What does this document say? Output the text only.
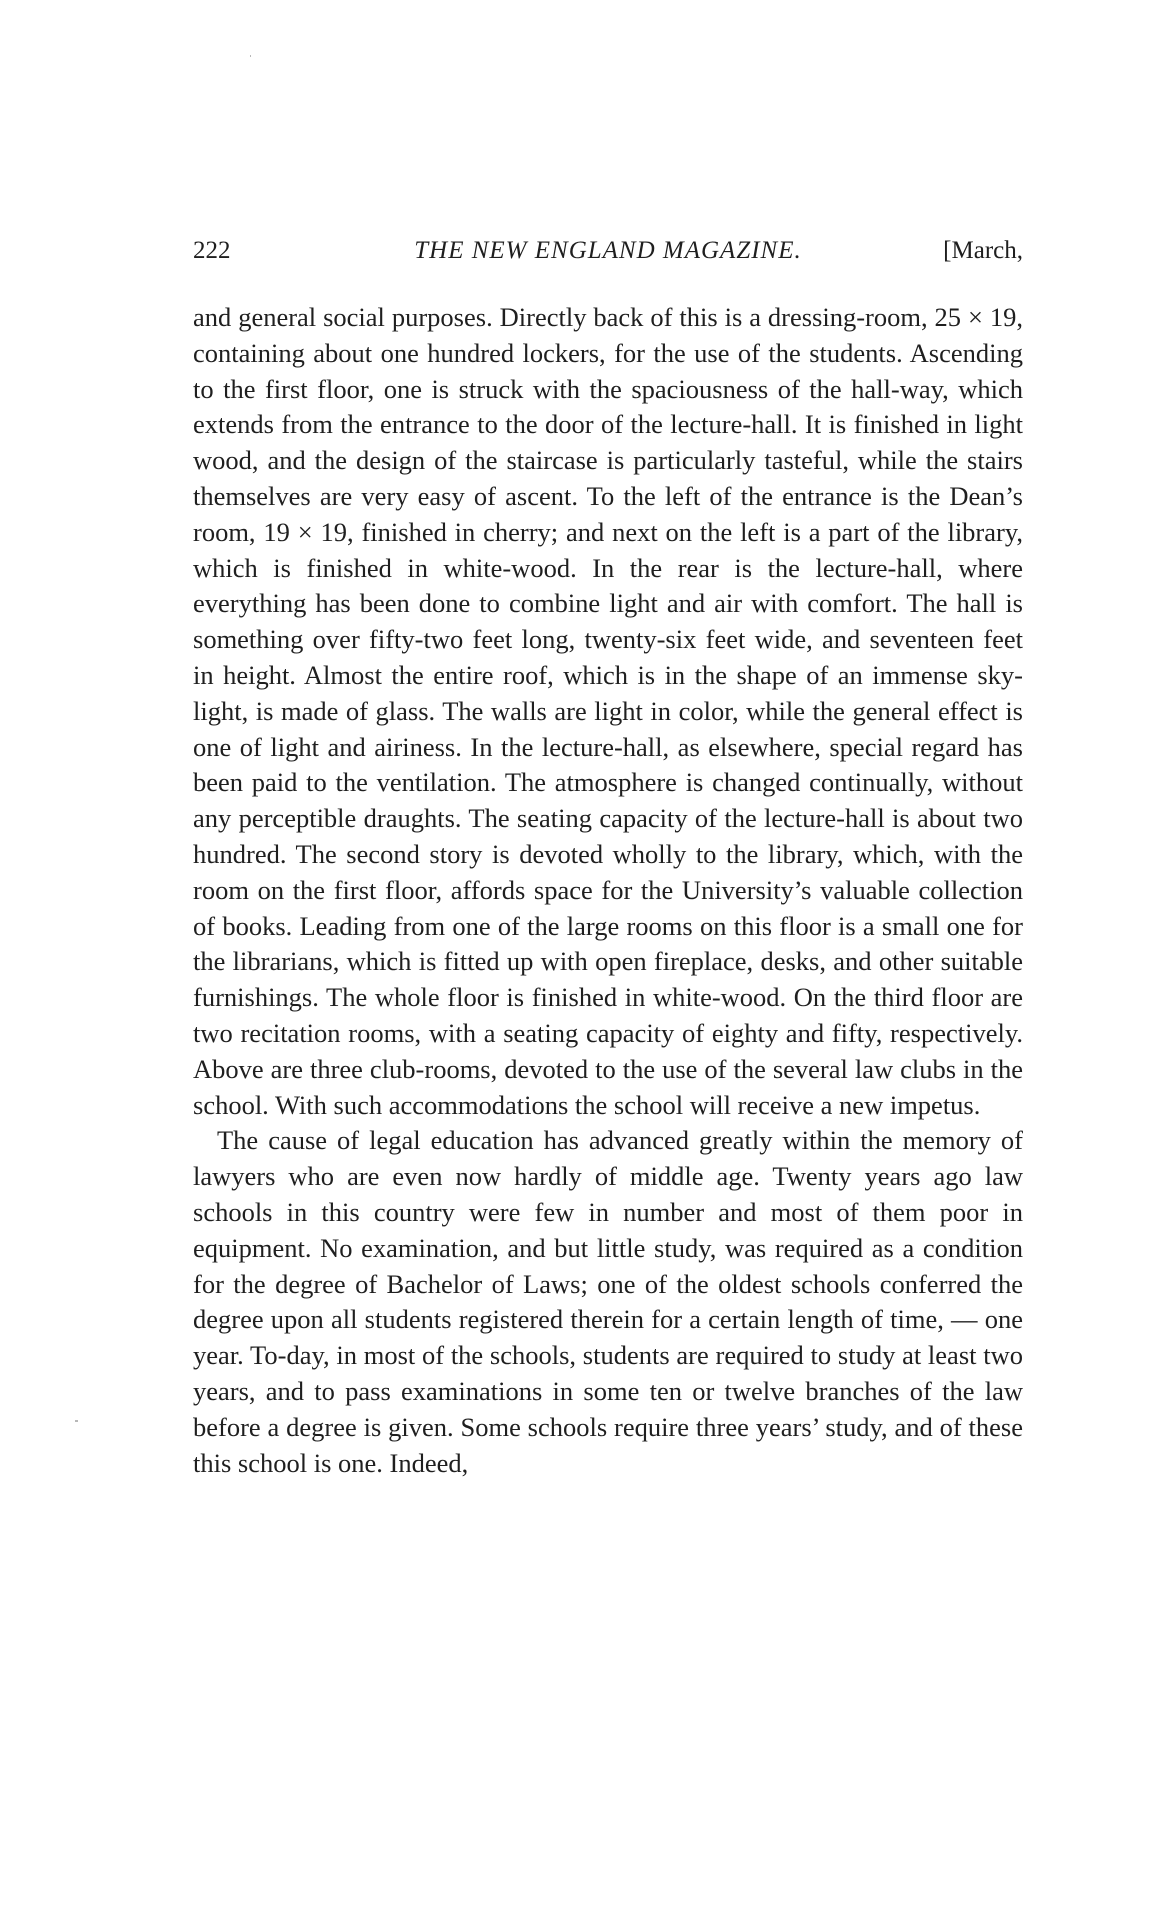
222	THE NEW ENGLAND MAGAZINE.	[March,

and general social purposes. Directly back of this is a dressing-room, 25 × 19, containing about one hundred lockers, for the use of the students. Ascending to the first floor, one is struck with the spaciousness of the hall-way, which extends from the entrance to the door of the lecture-hall. It is finished in light wood, and the design of the staircase is particularly tasteful, while the stairs themselves are very easy of ascent. To the left of the entrance is the Dean’s room, 19 × 19, finished in cherry; and next on the left is a part of the library, which is finished in white-wood. In the rear is the lecture-hall, where everything has been done to combine light and air with comfort. The hall is something over fifty-two feet long, twenty-six feet wide, and seventeen feet in height. Almost the entire roof, which is in the shape of an immense sky-light, is made of glass. The walls are light in color, while the general effect is one of light and airiness. In the lecture-hall, as elsewhere, special regard has been paid to the ventilation. The atmosphere is changed continually, without any perceptible draughts. The seating capacity of the lecture-hall is about two hundred. The second story is devoted wholly to the library, which, with the room on the first floor, affords space for the University’s valuable collection of books. Leading from one of the large rooms on this floor is a small one for the librarians, which is fitted up with open fireplace, desks, and other suitable furnishings. The whole floor is finished in white-wood. On the third floor are two recitation rooms, with a seating capacity of eighty and fifty, respectively. Above are three club-rooms, devoted to the use of the several law clubs in the school. With such accommodations the school will receive a new impetus.

The cause of legal education has advanced greatly within the memory of lawyers who are even now hardly of middle age. Twenty years ago law schools in this country were few in number and most of them poor in equipment. No examination, and but little study, was required as a condition for the degree of Bachelor of Laws; one of the oldest schools conferred the degree upon all students registered therein for a certain length of time, — one year. To-day, in most of the schools, students are required to study at least two years, and to pass examinations in some ten or twelve branches of the law before a degree is given. Some schools require three years’ study, and of these this school is one. Indeed,
